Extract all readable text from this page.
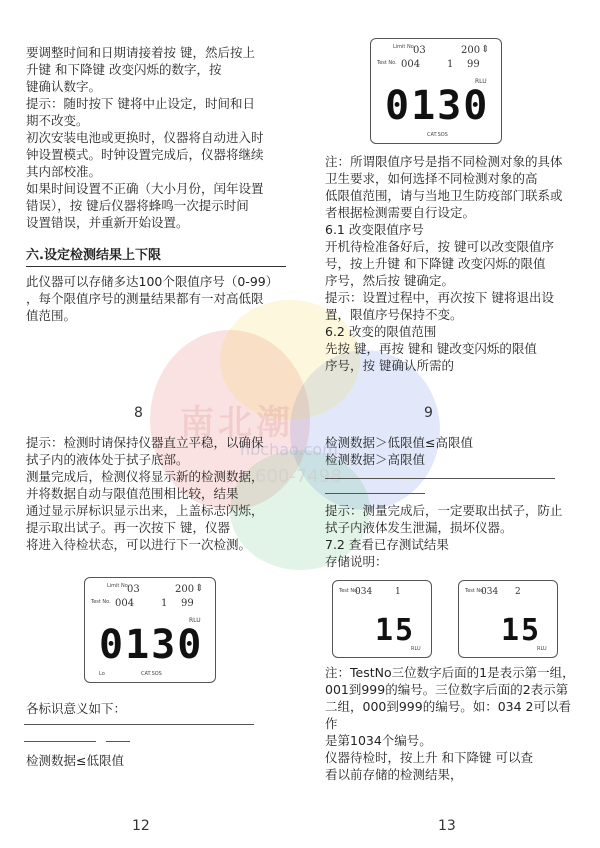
南北潮
nbchao.com
600-7498

要调整时间和日期请接着按 键，然后按上

升键 和下降键 改变闪烁的数字，按

键确认数字。

提示：随时按下 键将中止设定，时间和日

期不改变。

初次安装电池或更换时，仪器将自动进入时

钟设置模式。时钟设置完成后，仪器将继续

其内部校准。

如果时间设置不正确（大小月份，闰年设置

错误），按 键后仪器将蜂鸣一次提示时间

设置错误，并重新开始设置。

六.设定检测结果上下限

此仪器可以存储多达100个限值序号（0-99）

，每个限值序号的测量结果都有一对高低限

值范围。

8
Limit No.
03	200 ⇕
Test No. 004	1 99
RLU
0130
CAT.SOS

注：所谓限值序号是指不同检测对象的具体

卫生要求，如何选择不同检测对象的高

低限值范围，请与当地卫生防疫部门联系或

者根据检测需要自行设定。

6.1 改变限值序号

开机待检准备好后，按 键可以改变限值序

号，按上升键 和下降键 改变闪烁的限值

序号，然后按 键确定。

提示：设置过程中，再次按下 键将退出设

置，限值序号保持不变。

6.2 改变的限值范围

先按 键，再按 键和 键改变闪烁的限值

序号，按 键确认所需的

9

提示：检测时请保持仪器直立平稳，以确保

拭子内的液体处于拭子底部。

测量完成后，检测仪将显示新的检测数据，

并将数据自动与限值范围相比较，结果

通过显示屏标识显示出来，上盖标志闪烁，

提示取出试子。再一次按下 键，仪器

将进入待检状态，可以进行下一次检测。

Limit No.
03	200 ⇕
Test No. 004	1 99
RLU
0130
Lo	CAT.SOS

各标识意义如下：

检测数据≤低限值

12

检测数据＞低限值≤高限值

检测数据＞高限值

提示：测量完成后，一定要取出拭子，防止

拭子内液体发生泄漏，损坏仪器。

7.2 查看已存测试结果

存储说明：

Test No.
034	1
15
RLU
Test No.
034 2
15
RLU

注：TestNo三位数字后面的1是表示第一组，

001到999的编号。三位数字后面的2表示第

二组，000到999的编号。如：034 2可以看作

是第1034个编号。

仪器待检时，按上升 和下降键 可以查

看以前存储的检测结果，

13
